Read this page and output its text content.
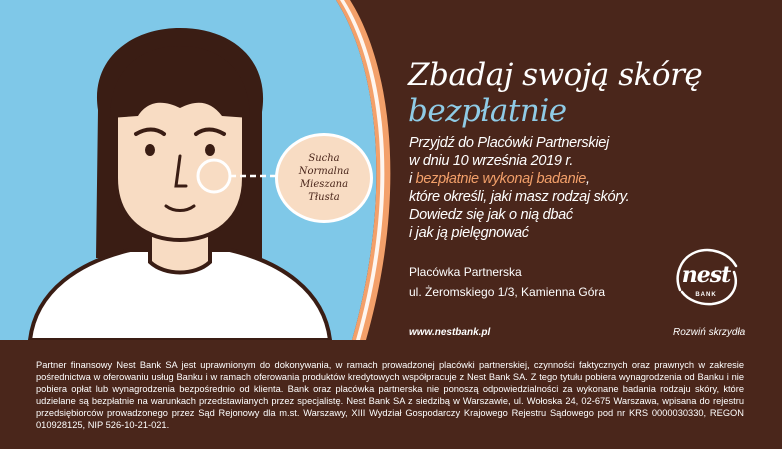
Sucha
Normalna
Mieszana
Tłusta
Zbadaj swoją skórę
bezpłatnie
Przyjdź do Placówki Partnerskiej
w dniu 10 września 2019 r.
i bezpłatnie wykonaj badanie,
które określi, jaki masz rodzaj skóry.
Dowiedz się jak o nią dbać
i jak ją pielęgnować
Placówka Partnerska
ul. Żeromskiego 1/3, Kamienna Góra
nest
BANK
www.nestbank.pl	Rozwiń skrzydła

Partner finansowy Nest Bank SA jest uprawnionym do dokonywania, w ramach prowadzonej placówki partnerskiej, czynności faktycznych oraz prawnych w zakresie pośrednictwa w oferowaniu usług Banku i w ramach oferowania produktów kredytowych współpracuje z Nest Bank SA. Z tego tytułu pobiera wynagrodzenia od Banku i nie pobiera opłat lub wynagrodzenia bezpośrednio od klienta. Bank oraz placówka partnerska nie ponoszą odpowiedzialności za wykonane badania rodzaju skóry, które udzielane są bezpłatnie na warunkach przedstawianych przez specjalistę. Nest Bank SA z siedzibą w Warszawie, ul. Wołoska 24, 02-675 Warszawa, wpisana do rejestru przedsiębiorców prowadzonego przez Sąd Rejonowy dla m.st. Warszawy, XIII Wydział Gospodarczy Krajowego Rejestru Sądowego pod nr KRS 0000030330, REGON 010928125, NIP 526-10-21-021.
